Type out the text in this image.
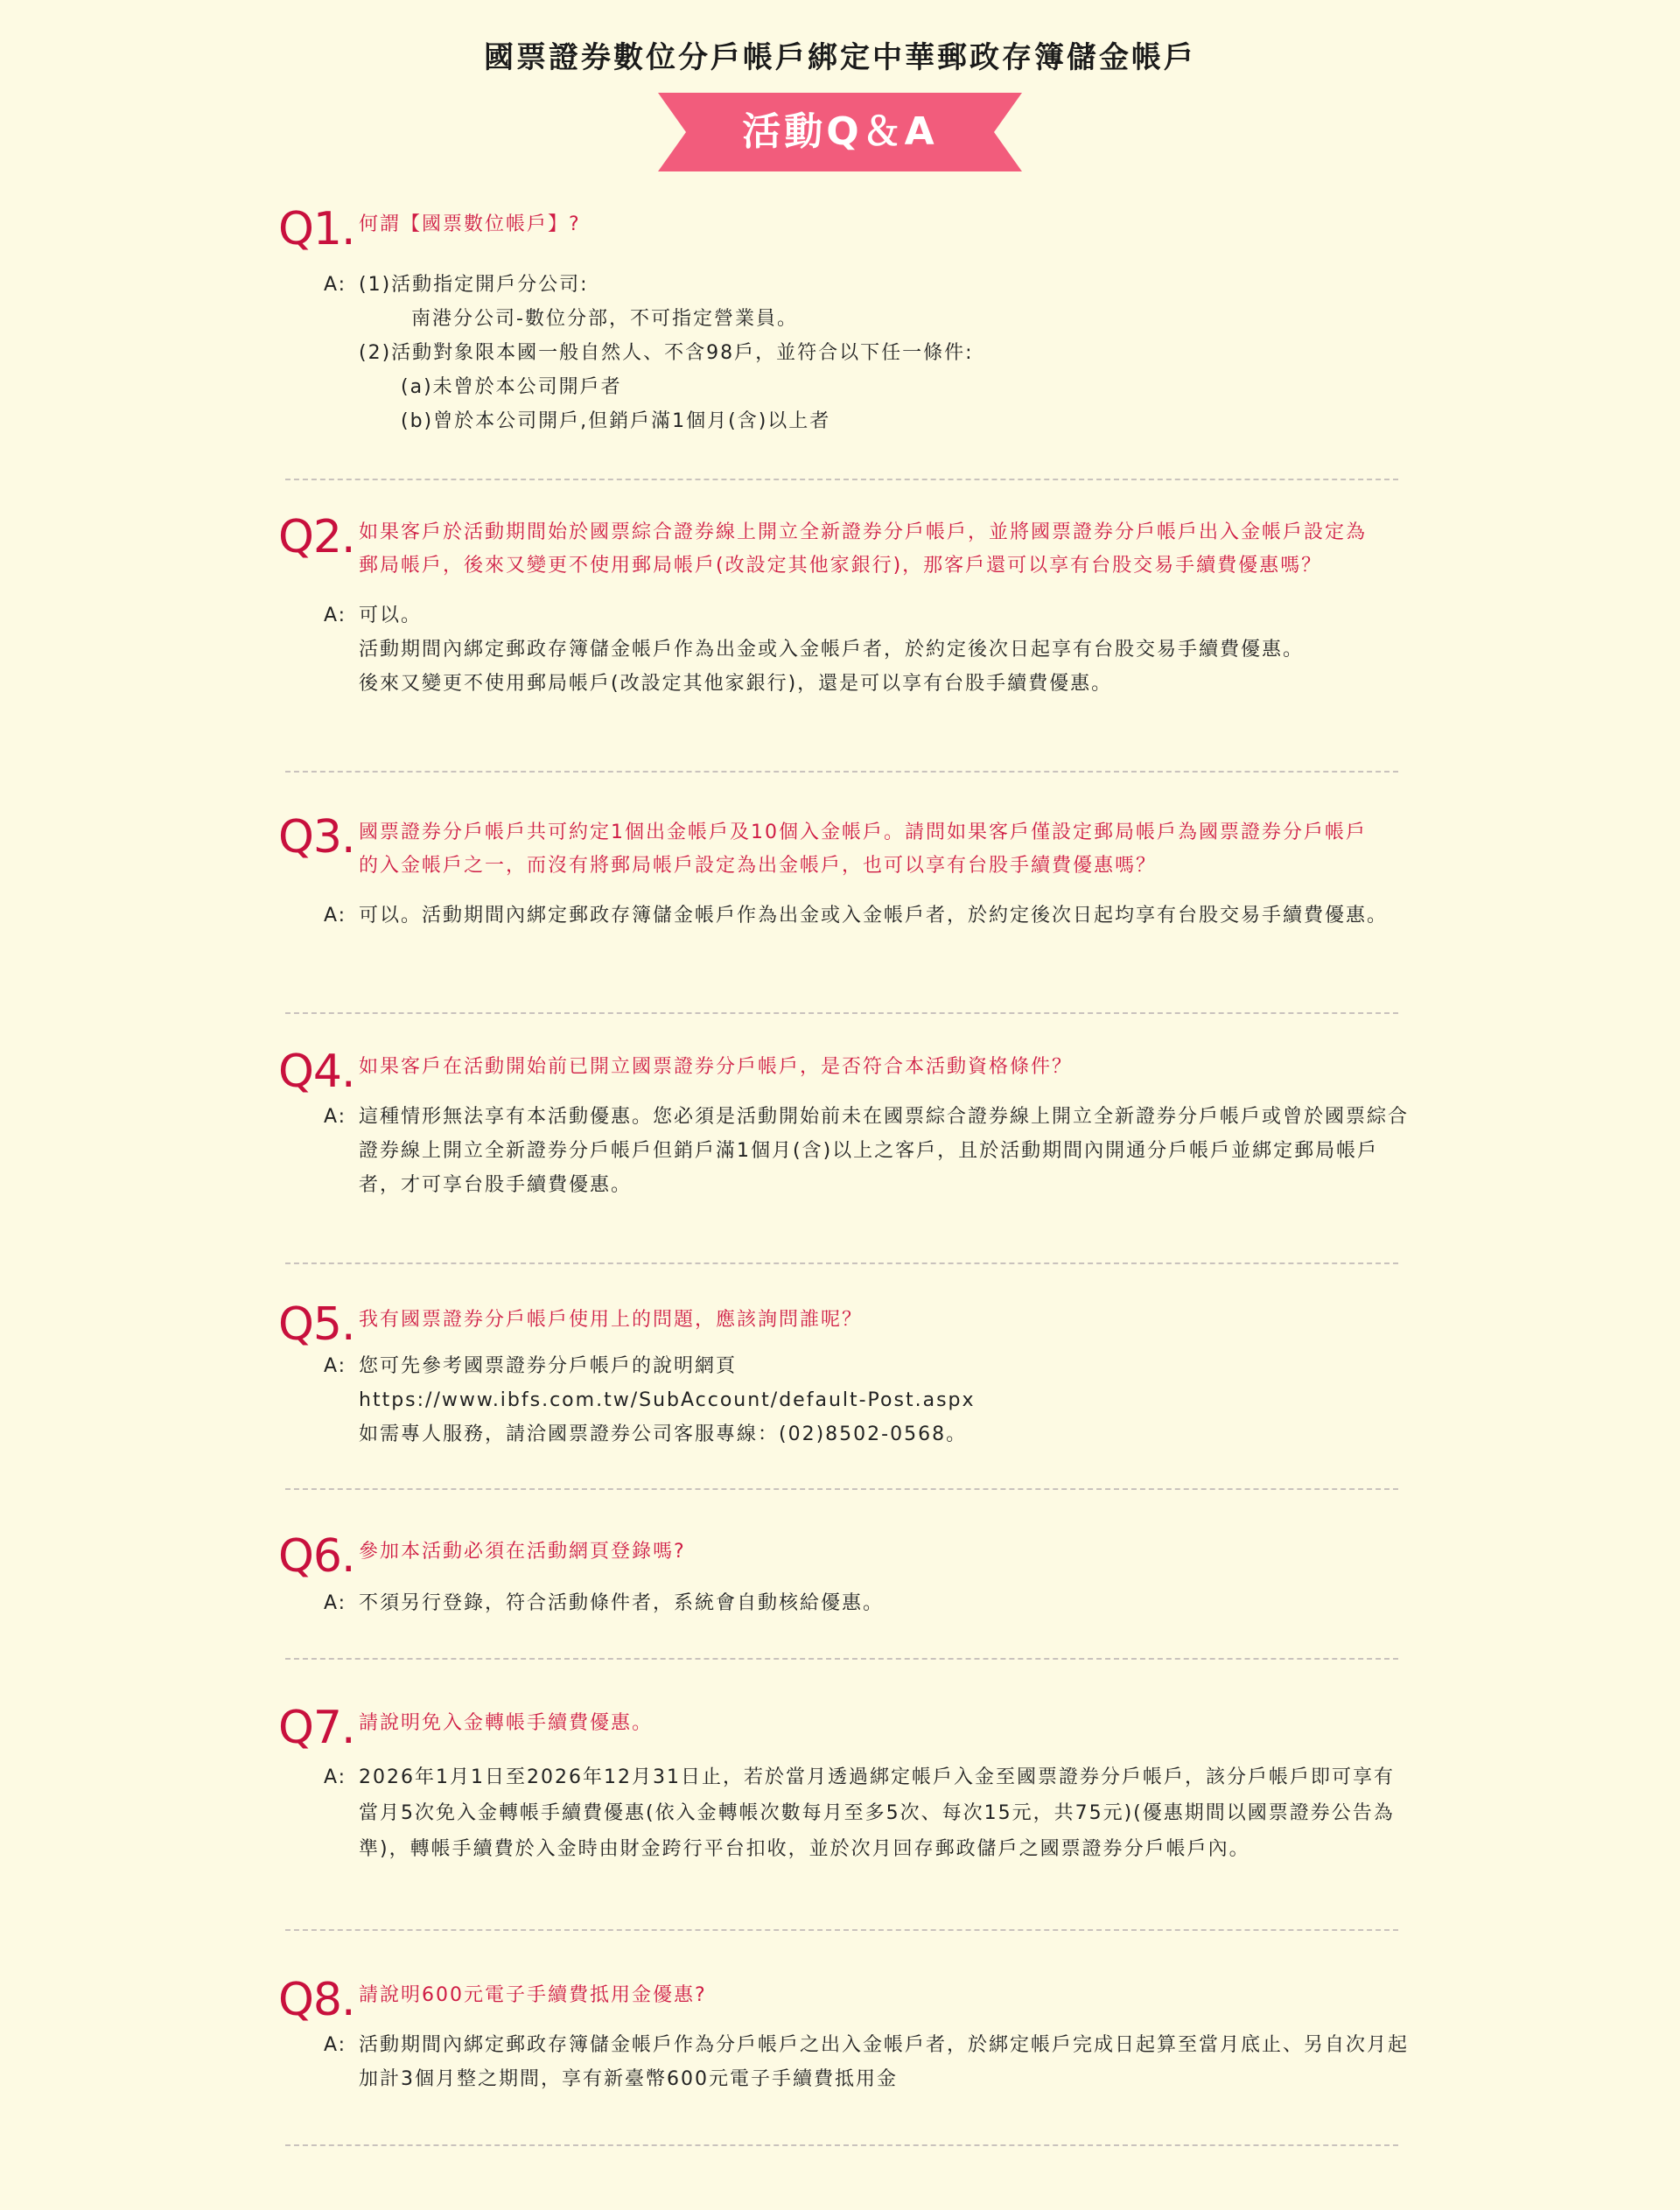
國票證券數位分戶帳戶綁定中華郵政存簿儲金帳戶
活動Q＆A
Q1. 何謂【國票數位帳戶】?
A: (1)活動指定開戶分公司:
南港分公司-數位分部，不可指定營業員。
(2)活動對象限本國一般自然人、不含98戶，並符合以下任一條件:
(a)未曾於本公司開戶者
(b)曾於本公司開戶,但銷戶滿1個月(含)以上者
Q2. 如果客戶於活動期間始於國票綜合證券線上開立全新證券分戶帳戶，並將國票證券分戶帳戶出入金帳戶設定為郵局帳戶，後來又變更不使用郵局帳戶(改設定其他家銀行)，那客戶還可以享有台股交易手續費優惠嗎？
A: 可以。
活動期間內綁定郵政存簿儲金帳戶作為出金或入金帳戶者，於約定後次日起享有台股交易手續費優惠。
後來又變更不使用郵局帳戶(改設定其他家銀行)，還是可以享有台股手續費優惠。
Q3. 國票證券分戶帳戶共可約定1個出金帳戶及10個入金帳戶。請問如果客戶僅設定郵局帳戶為國票證券分戶帳戶的入金帳戶之一，而沒有將郵局帳戶設定為出金帳戶，也可以享有台股手續費優惠嗎？
A: 可以。活動期間內綁定郵政存簿儲金帳戶作為出金或入金帳戶者，於約定後次日起均享有台股交易手續費優惠。
Q4. 如果客戶在活動開始前已開立國票證券分戶帳戶，是否符合本活動資格條件？
A: 這種情形無法享有本活動優惠。您必須是活動開始前未在國票綜合證券線上開立全新證券分戶帳戶或曾於國票綜合證券線上開立全新證券分戶帳戶但銷戶滿1個月(含)以上之客戶，且於活動期間內開通分戶帳戶並綁定郵局帳戶者，才可享台股手續費優惠。
Q5. 我有國票證券分戶帳戶使用上的問題，應該詢問誰呢？
A: 您可先參考國票證券分戶帳戶的說明網頁
https://www.ibfs.com.tw/SubAccount/default-Post.aspx
如需專人服務，請洽國票證券公司客服專線：(02)8502-0568。
Q6. 參加本活動必須在活動網頁登錄嗎?
A: 不須另行登錄，符合活動條件者，系統會自動核給優惠。
Q7. 請說明免入金轉帳手續費優惠。
A: 2026年1月1日至2026年12月31日止，若於當月透過綁定帳戶入金至國票證券分戶帳戶，該分戶帳戶即可享有當月5次免入金轉帳手續費優惠(依入金轉帳次數每月至多5次、每次15元，共75元)(優惠期間以國票證券公告為準)，轉帳手續費於入金時由財金跨行平台扣收，並於次月回存郵政儲戶之國票證券分戶帳戶內。
Q8. 請說明600元電子手續費抵用金優惠?
A: 活動期間內綁定郵政存簿儲金帳戶作為分戶帳戶之出入金帳戶者，於綁定帳戶完成日起算至當月底止、另自次月起加計3個月整之期間，享有新臺幣600元電子手續費抵用金
